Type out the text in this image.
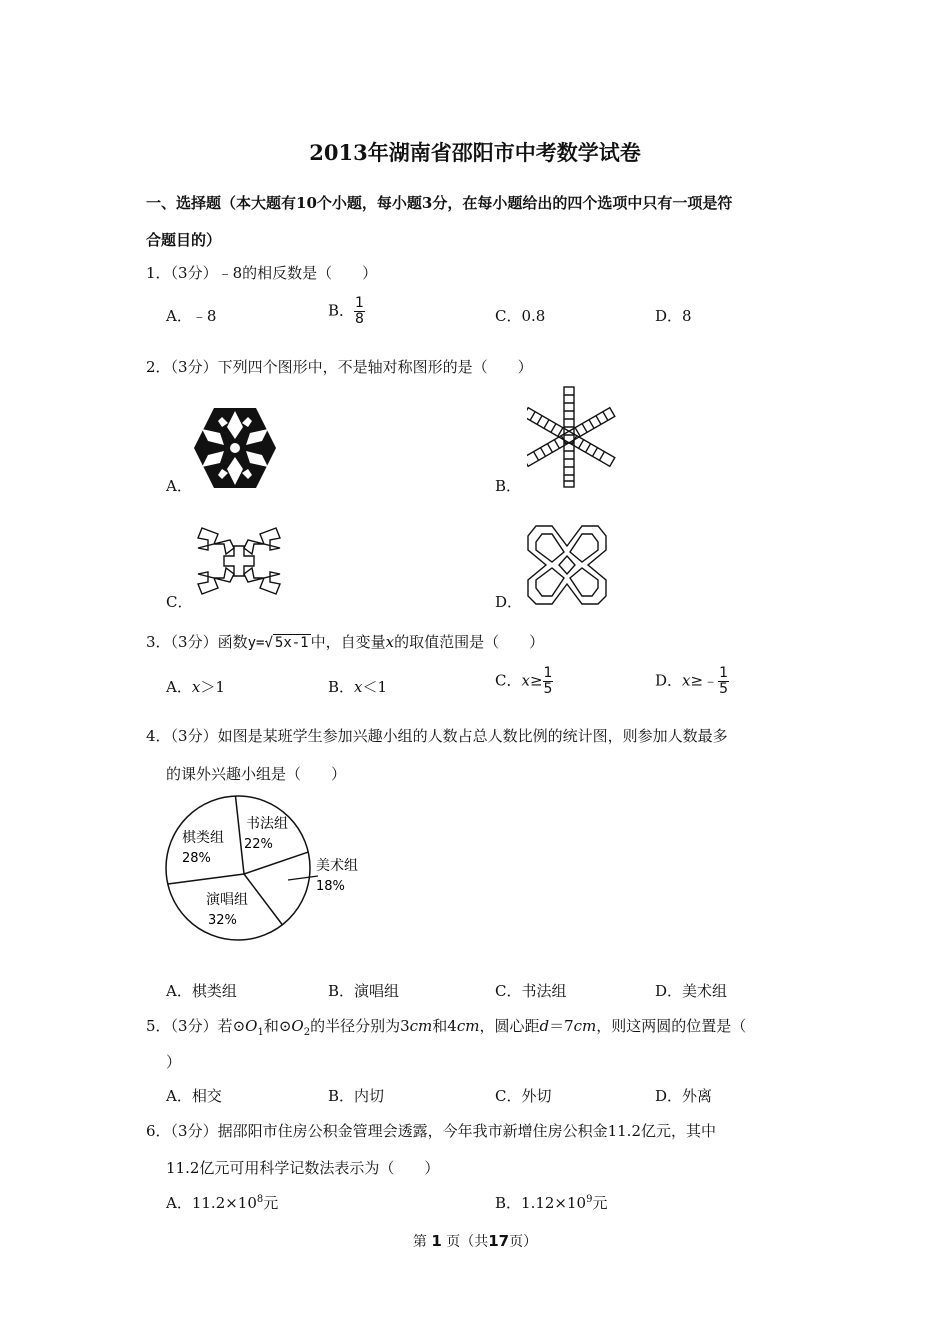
2013年湖南省邵阳市中考数学试卷
一、选择题（本大题有10个小题，每小题3分，在每小题给出的四个选项中只有一项是符
合题目的）
1．（3分）﹣8的相反数是（　　）
A．﹣8	B． $\frac{1}{8}$	C．0.8	D．8
2．（3分）下列四个图形中，不是轴对称图形的是（　　）
A．	B．
C．	D．
3．（3分）函数y=√ 5x-1 中，自变量x的取值范围是（　　）
A．x＞1	B．x＜1	C．$x\ge \frac{1}{5}$	D．x≥﹣ $\frac{1}{5}$
4．（3分）如图是某班学生参加兴趣小组的人数占总人数比例的统计图，则参加人数最多
的课外兴趣小组是（　　）
棋类组
28%
书法组
22%
美术组
18%
演唱组
32%
A．棋类组	B．演唱组	C．书法组	D．美术组
5．（3分）若$⊙O_1$和$⊙O_2$的半径分别为3cm和4cm，圆心距d＝7cm，则这两圆的位置是（
）
A．相交	B．内切	C．外切	D．外离
6．（3分）据邵阳市住房公积金管理会透露，今年我市新增住房公积金11.2亿元，其中
11.2亿元可用科学记数法表示为（　　）
A．$11.2\times 10^8$元	B．$1.12\times 10^9$元
第 1 页（共17页）
